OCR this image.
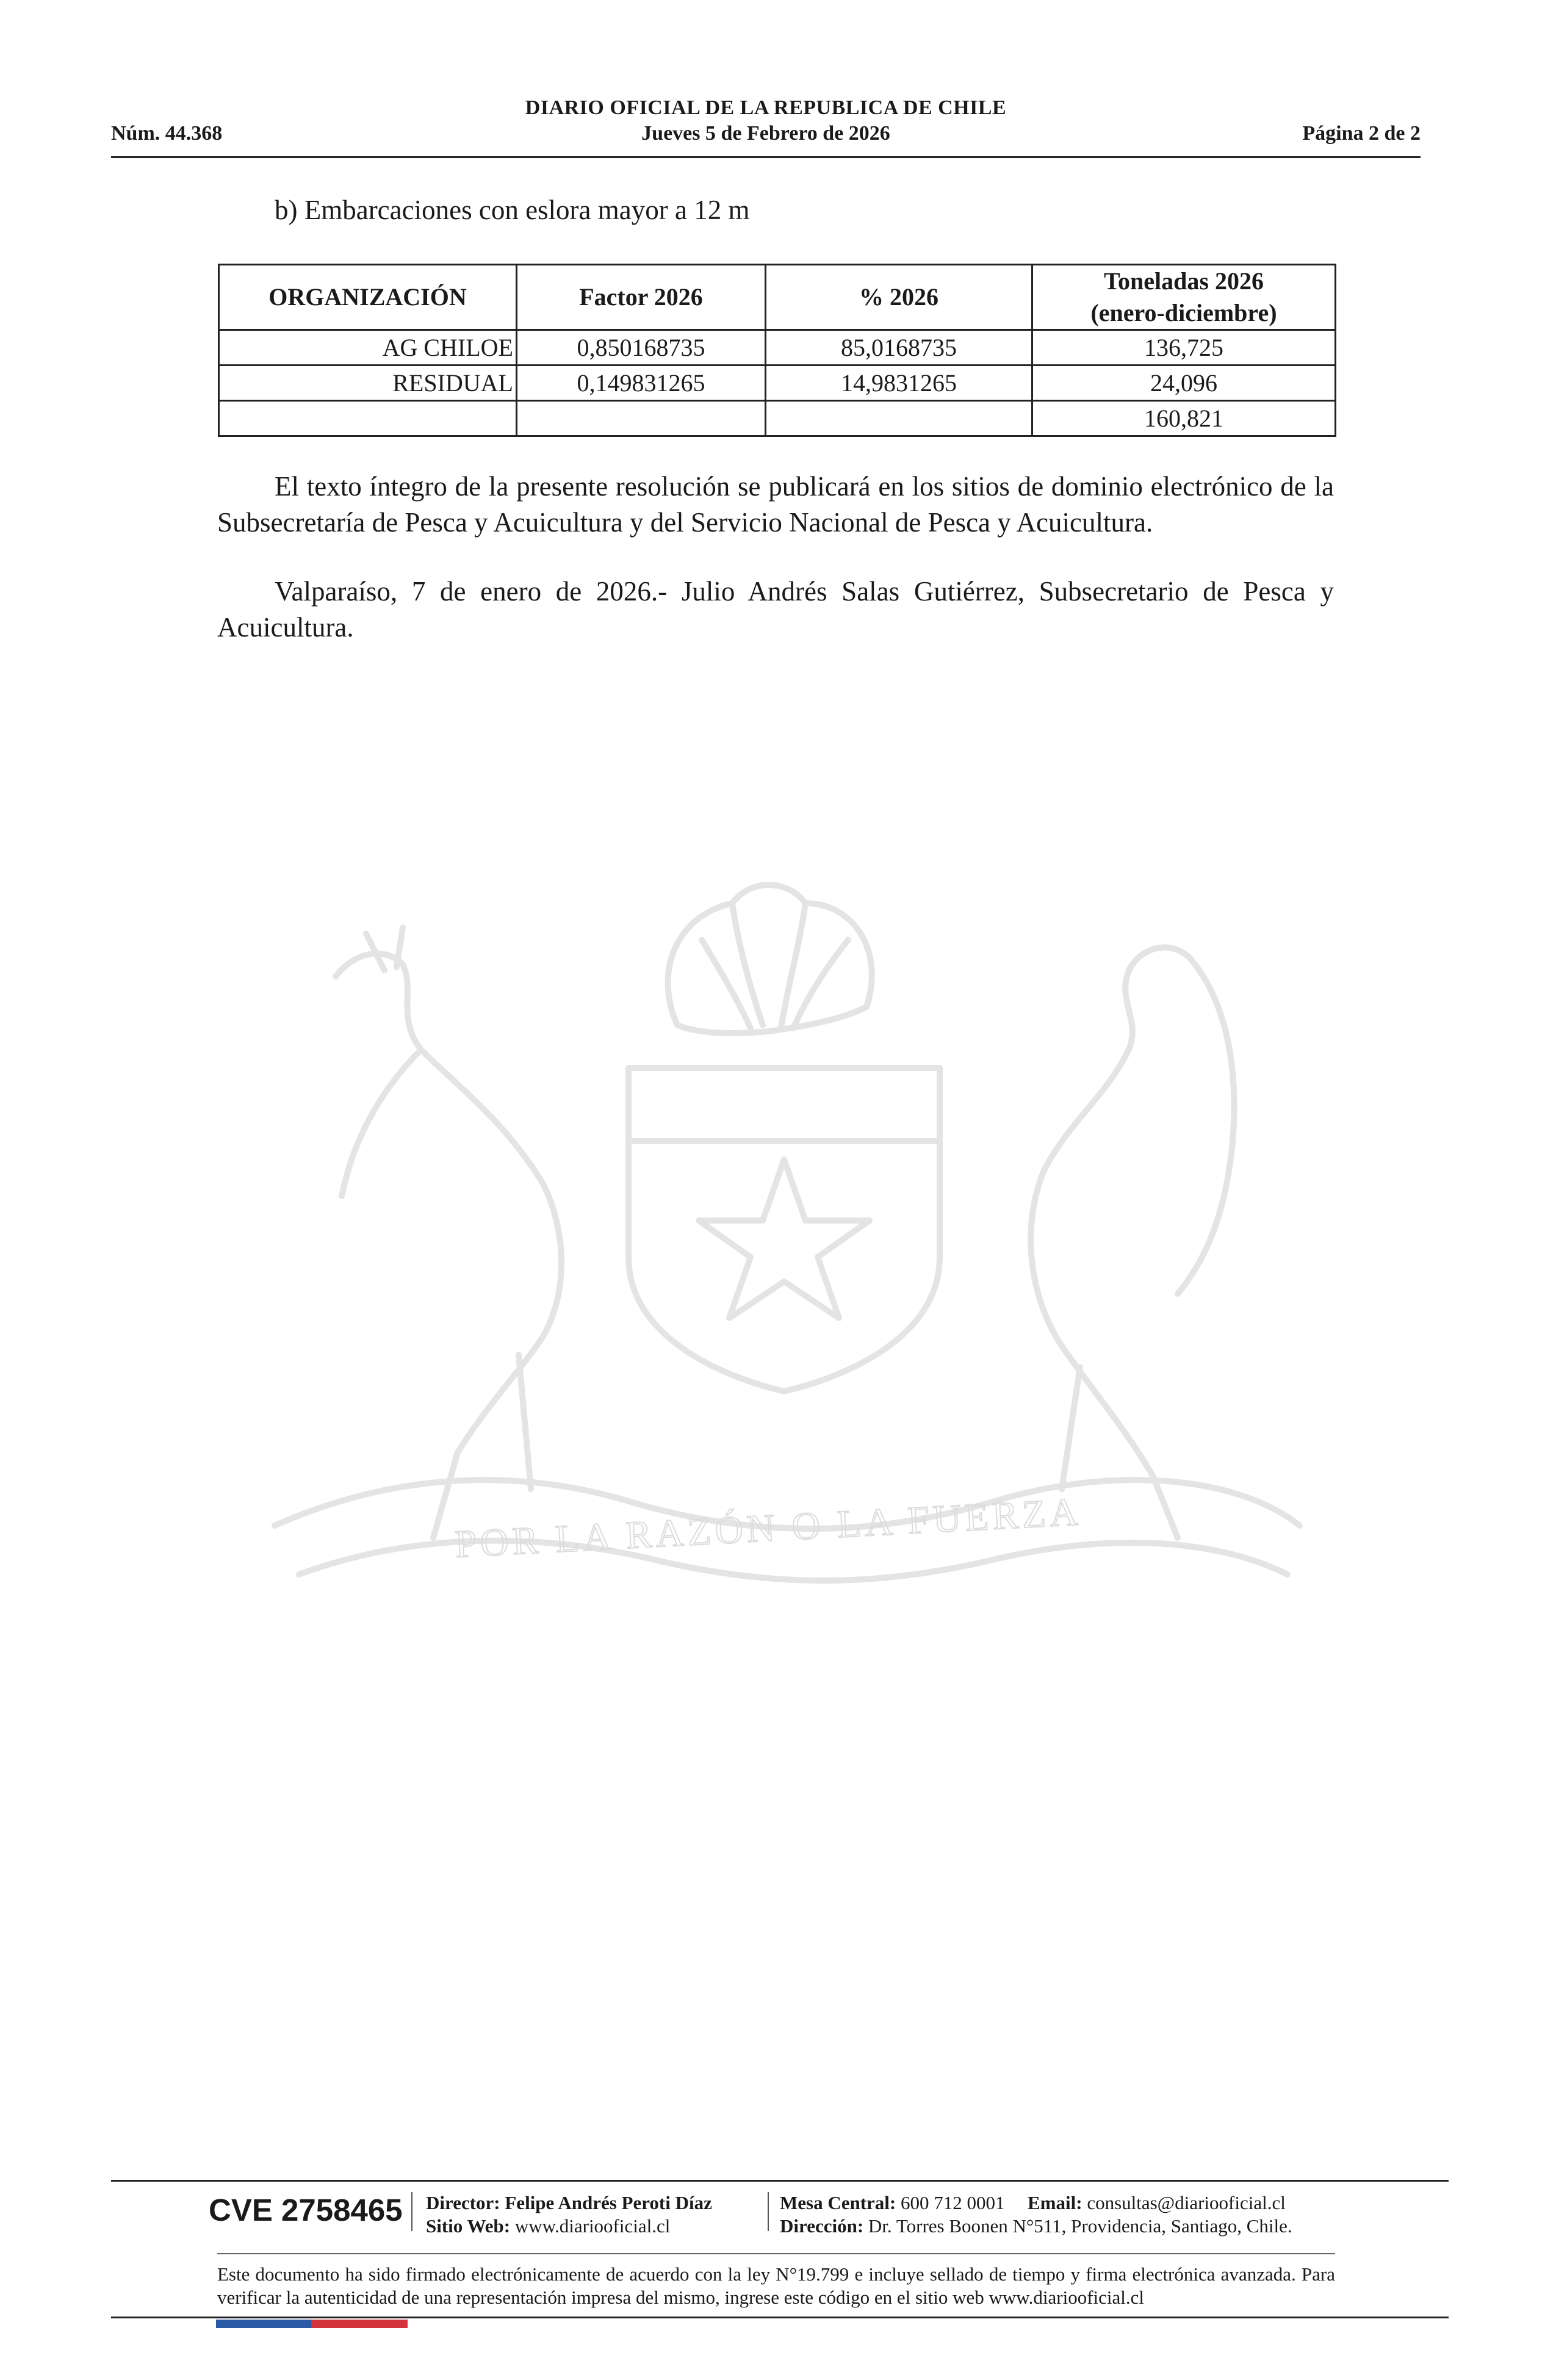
DIARIO OFICIAL DE LA REPUBLICA DE CHILE
Núm. 44.368	Jueves 5 de Febrero de 2026	Página 2 de 2
b) Embarcaciones con eslora mayor a 12 m
ORGANIZACIÓN	Factor 2026	% 2026	Toneladas 2026
(enero-diciembre)
AG CHILOE	0,850168735	85,0168735	136,725
RESIDUAL	0,149831265	14,9831265	24,096
			160,821

El texto íntegro de la presente resolución se publicará en los sitios de dominio electrónico de la Subsecretaría de Pesca y Acuicultura y del Servicio Nacional de Pesca y Acuicultura.

Valparaíso, 7 de enero de 2026.- Julio Andrés Salas Gutiérrez, Subsecretario de Pesca y Acuicultura.

POR LA RAZÓN O LA FUERZA
CVE 2758465 Director: Felipe Andrés Peroti Díaz
Sitio Web: www.diariooficial.cl
Mesa Central: 600 712 0001 Email: consultas@diariooficial.cl
Dirección: Dr. Torres Boonen N°511, Providencia, Santiago, Chile.

Este documento ha sido firmado electrónicamente de acuerdo con la ley N°19.799 e incluye sellado de tiempo y firma electrónica avanzada. Para verificar la autenticidad de una representación impresa del mismo, ingrese este código en el sitio web www.diariooficial.cl
